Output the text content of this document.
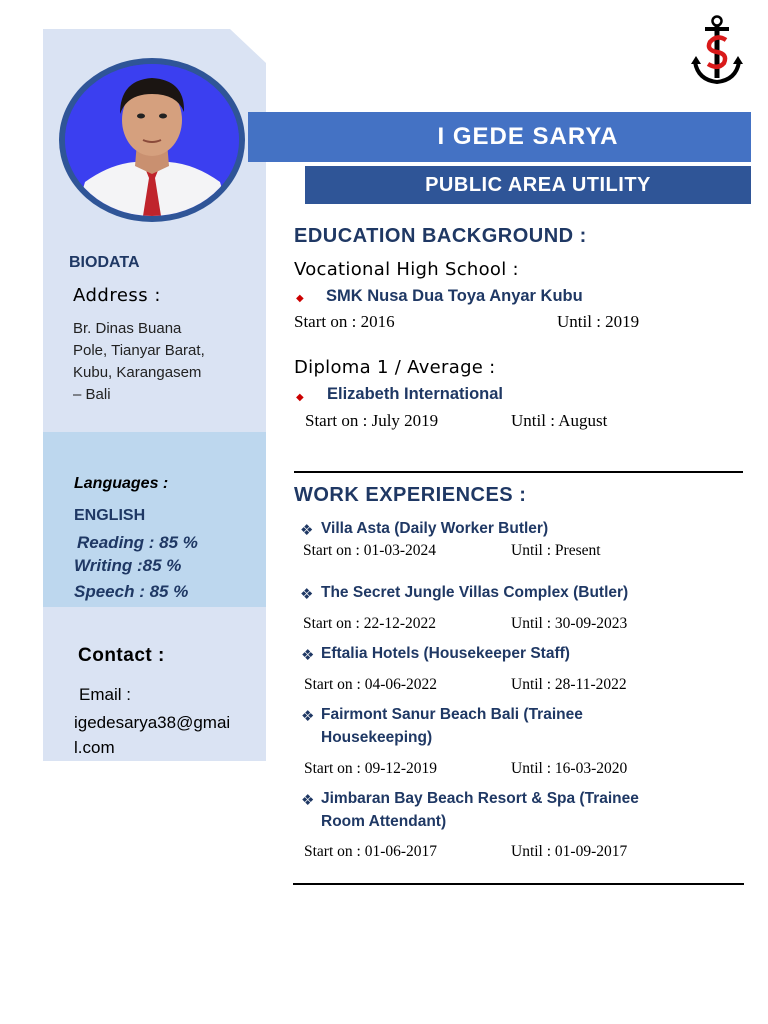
BIODATA
Address :
Br. Dinas Buana
Pole, Tianyar Barat,
Kubu, Karangasem
– Bali
Languages :
ENGLISH
Reading : 85 %
Writing :85 %
Speech : 85 %
Contact :
Email :
igedesarya38@gmai
l.com
I GEDE SARYA
PUBLIC AREA UTILITY
EDUCATION BACKGROUND :
Vocational High School :
◆ SMK Nusa Dua Toya Anyar Kubu
Start on : 2016	Until : 2019
Diploma 1 / Average :
◆ Elizabeth International
Start on : July 2019	Until : August
WORK EXPERIENCES :
❖ Villa Asta (Daily Worker Butler)
Start on : 01-03-2024	Until : Present
❖ The Secret Jungle Villas Complex (Butler)
Start on : 22-12-2022	Until : 30-09-2023
❖ Eftalia Hotels (Housekeeper Staff)
Start on : 04-06-2022	Until : 28-11-2022
❖ Fairmont Sanur Beach Bali (Trainee
Housekeeping)
Start on : 09-12-2019	Until : 16-03-2020
❖ Jimbaran Bay Beach Resort & Spa (Trainee
Room Attendant)
Start on : 01-06-2017	Until : 01-09-2017
